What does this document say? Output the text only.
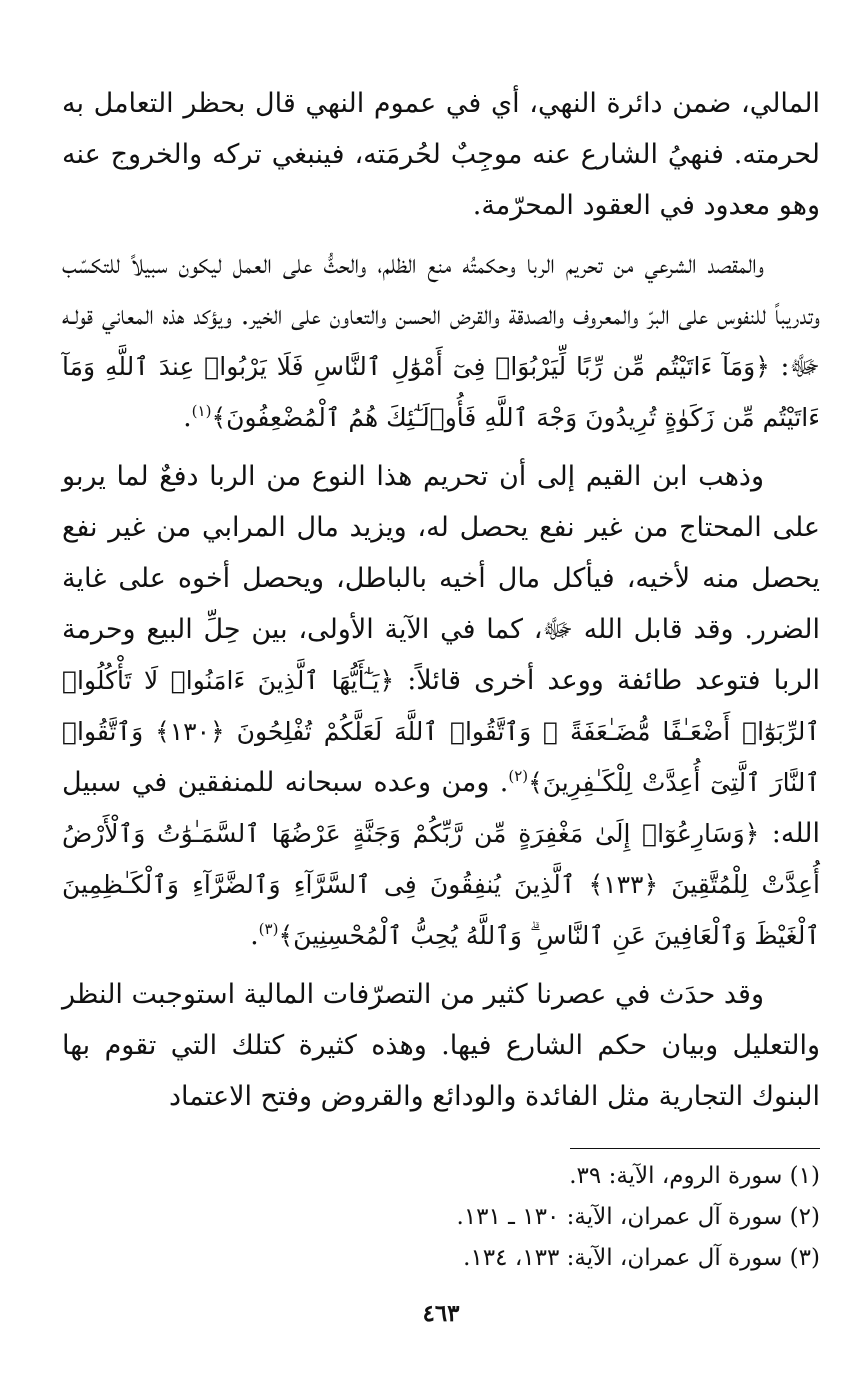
المالي، ضمن دائرة النهي، أي في عموم النهي قال بحظر التعامل به لحرمته. فنهيُ الشارع عنه موجِبٌ لحُرمَته، فينبغي تركه والخروج عنه وهو معدود في العقود المحرّمة.

والمقصد الشرعي من تحريم الربا وحكمتُه منع الظلم، والحثُّ على العمل ليكون سبيلاً للتكسّب وتدريباً للنفوس على البرّ والمعروف والصدقة والقرض الحسن والتعاون على الخير. ويؤكد هذه المعاني قولـه ﷻ: ﴿وَمَآ ءَاتَيْتُم مِّن رِّبًا لِّيَرْبُوَا۟ فِىٓ أَمْوَٰلِ ٱلنَّاسِ فَلَا يَرْبُوا۟ عِندَ ٱللَّهِ وَمَآ ءَاتَيْتُم مِّن زَكَوٰةٍ تُرِيدُونَ وَجْهَ ٱللَّهِ فَأُو۟لَـٰٓئِكَ هُمُ ٱلْمُضْعِفُونَ﴾$^{(١)}$.

وذهب ابن القيم إلى أن تحريم هذا النوع من الربا دفعٌ لما يربو على المحتاج من غير نفع يحصل له، ويزيد مال المرابي من غير نفع يحصل منه لأخيه، فيأكل مال أخيه بالباطل، ويحصل أخوه على غاية الضرر. وقد قابل الله ﷻ، كما في الآية الأولى، بين حِلِّ البيع وحرمة الربا فتوعد طائفة ووعد أخرى قائلاً: ﴿يَـٰٓأَيُّهَا ٱلَّذِينَ ءَامَنُوا۟ لَا تَأْكُلُوا۟ ٱلرِّبَوٰٓا۟ أَضْعَـٰفًا مُّضَـٰعَفَةً ۖ وَٱتَّقُوا۟ ٱللَّهَ لَعَلَّكُمْ تُفْلِحُونَ ﴿١٣٠﴾ وَٱتَّقُوا۟ ٱلنَّارَ ٱلَّتِىٓ أُعِدَّتْ لِلْكَـٰفِرِينَ﴾$^{(٢)}$. ومن وعده سبحانه للمنفقين في سبيل الله: ﴿وَسَارِعُوٓا۟ إِلَىٰ مَغْفِرَةٍ مِّن رَّبِّكُمْ وَجَنَّةٍ عَرْضُهَا ٱلسَّمَـٰوَٰتُ وَٱلْأَرْضُ أُعِدَّتْ لِلْمُتَّقِينَ ﴿١٣٣﴾ ٱلَّذِينَ يُنفِقُونَ فِى ٱلسَّرَّآءِ وَٱلضَّرَّآءِ وَٱلْكَـٰظِمِينَ ٱلْغَيْظَ وَٱلْعَافِينَ عَنِ ٱلنَّاسِ ۗ وَٱللَّهُ يُحِبُّ ٱلْمُحْسِنِينَ﴾$^{(٣)}$.

وقد حدَث في عصرنا كثير من التصرّفات المالية استوجبت النظر والتعليل وبيان حكم الشارع فيها. وهذه كثيرة كتلك التي تقوم بها البنوك التجارية مثل الفائدة والودائع والقروض وفتح الاعتماد

(١) سورة الروم، الآية: ٣٩.
(٢) سورة آل عمران، الآية: ١٣٠ ـ ١٣١.
(٣) سورة آل عمران، الآية: ١٣٣، ١٣٤.
٤٦٣
